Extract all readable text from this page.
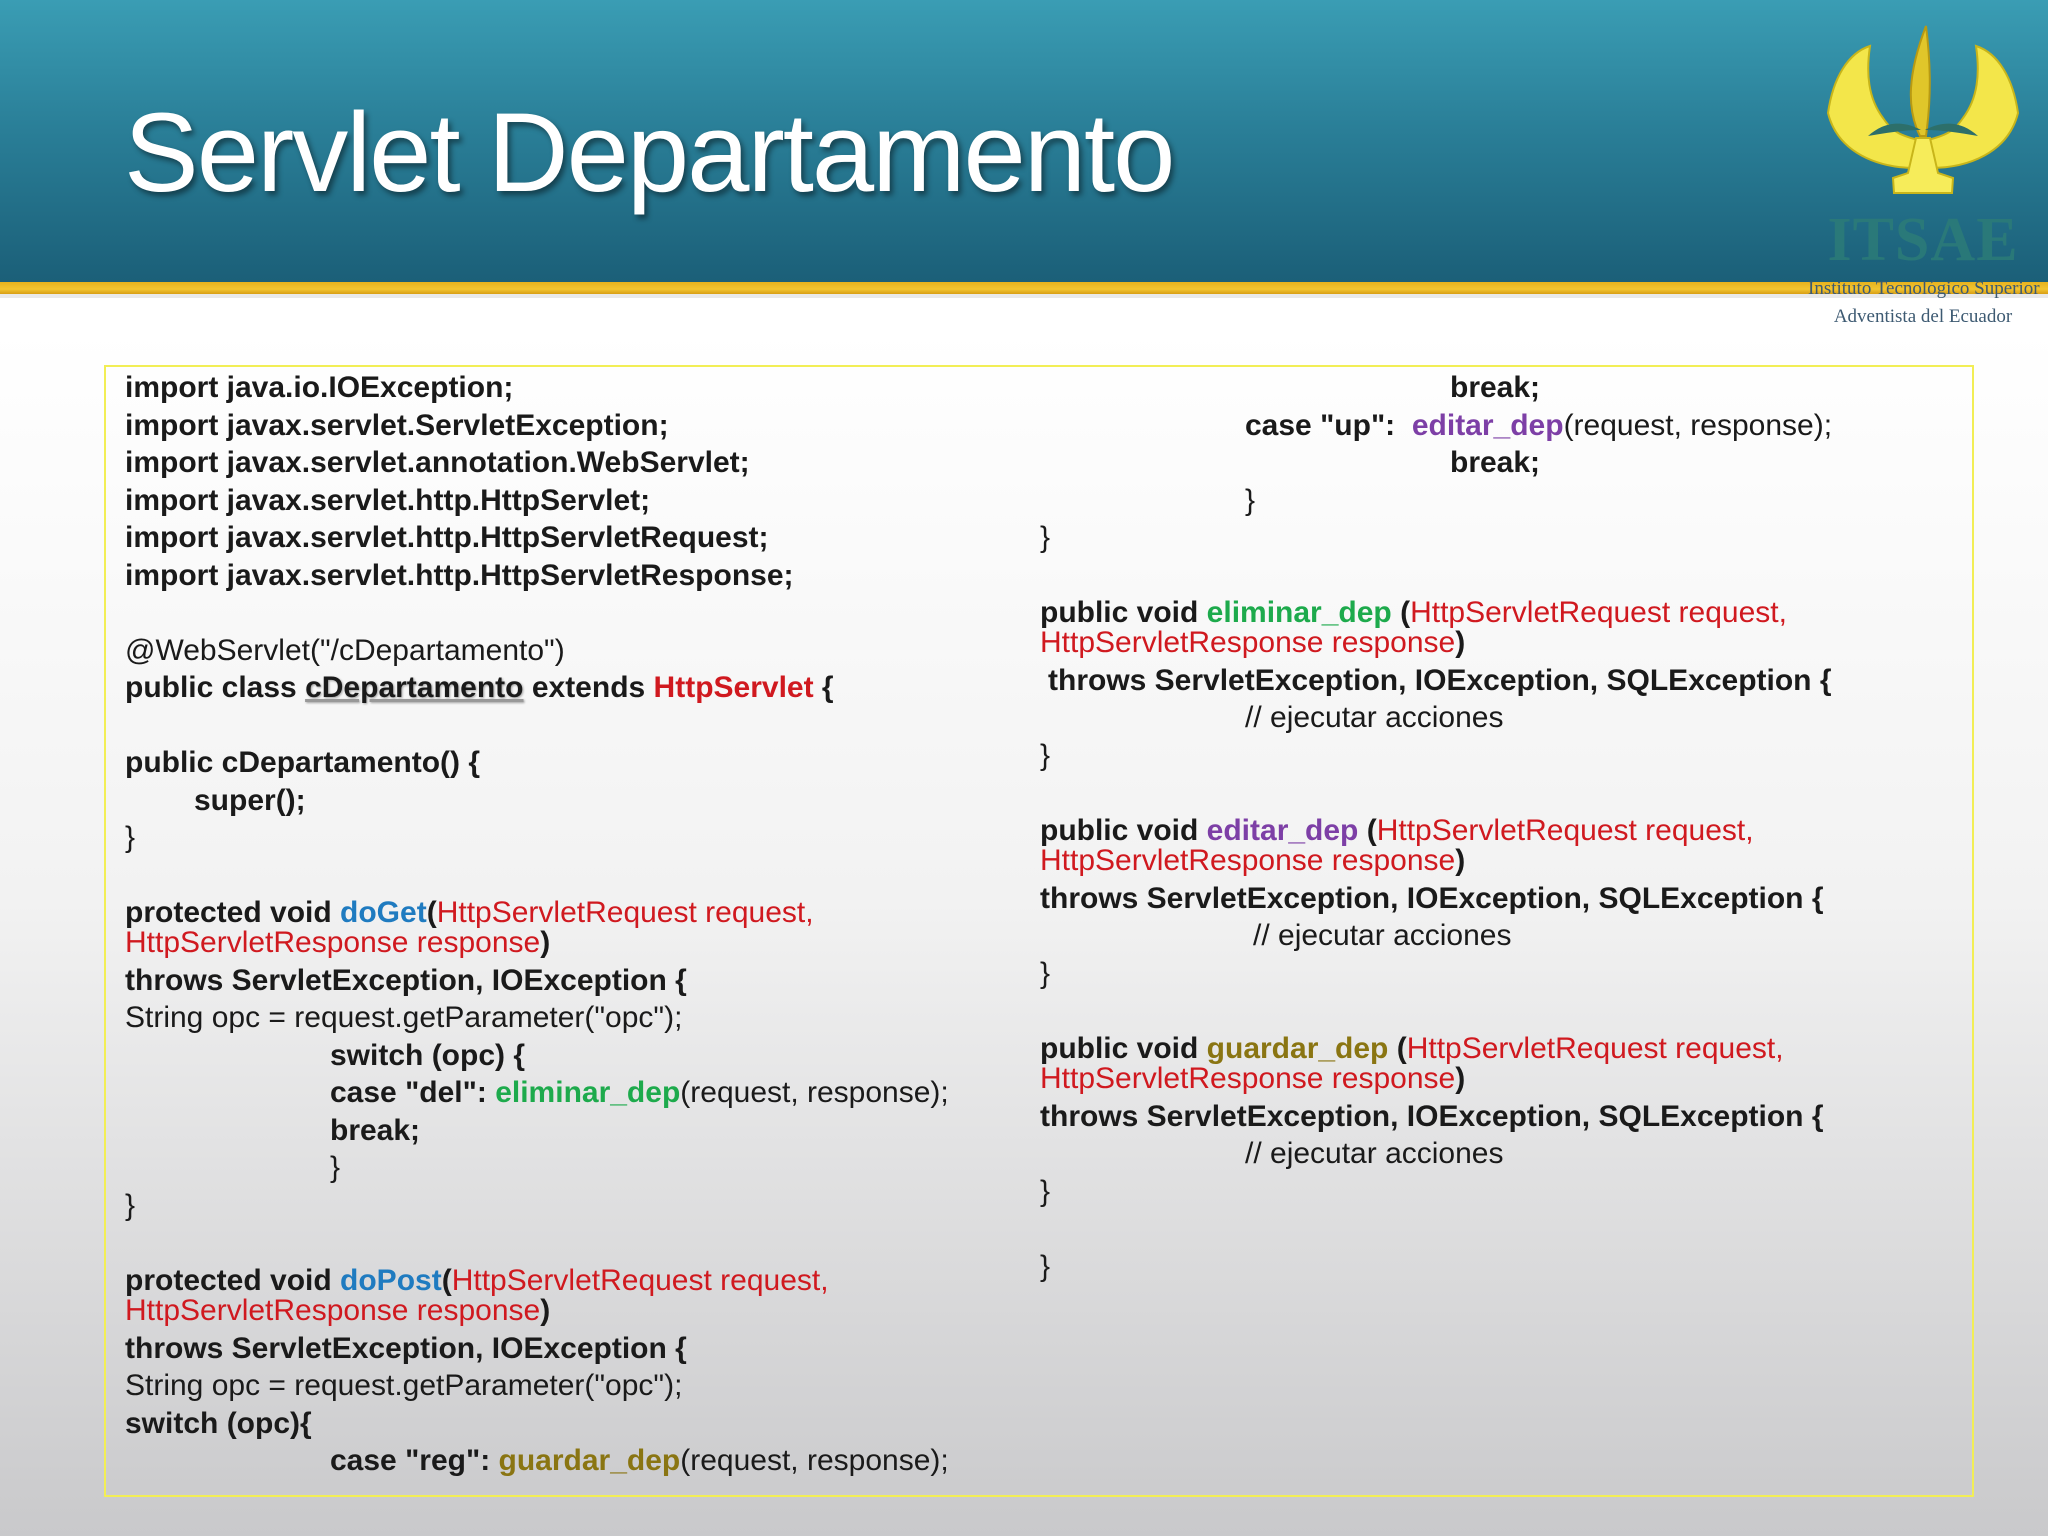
Servlet Departamento
ITSAE
Instituto Tecnológico Superior
Adventista del Ecuador
import java.io.IOException;
import javax.servlet.ServletException;
import javax.servlet.annotation.WebServlet;
import javax.servlet.http.HttpServlet;
import javax.servlet.http.HttpServletRequest;
import javax.servlet.http.HttpServletResponse;
@WebServlet("/cDepartamento")
public class cDepartamento extends HttpServlet {
public cDepartamento() {
super();
}
protected void doGet(HttpServletRequest request,
HttpServletResponse response)
throws ServletException, IOException {
String opc = request.getParameter("opc");
switch (opc) {
case "del": eliminar_dep(request, response);
break;
}
}
protected void doPost(HttpServletRequest request,
HttpServletResponse response)
throws ServletException, IOException {
String opc = request.getParameter("opc");
switch (opc){
case "reg": guardar_dep(request, response);
break;
case "up":  editar_dep(request, response);
break;
}
}
public void eliminar_dep (HttpServletRequest request,
HttpServletResponse response)
throws ServletException, IOException, SQLException {
// ejecutar acciones
}
public void editar_dep (HttpServletRequest request,
HttpServletResponse response)
throws ServletException, IOException, SQLException {
// ejecutar acciones
}
public void guardar_dep (HttpServletRequest request,
HttpServletResponse response)
throws ServletException, IOException, SQLException {
// ejecutar acciones
}
}
